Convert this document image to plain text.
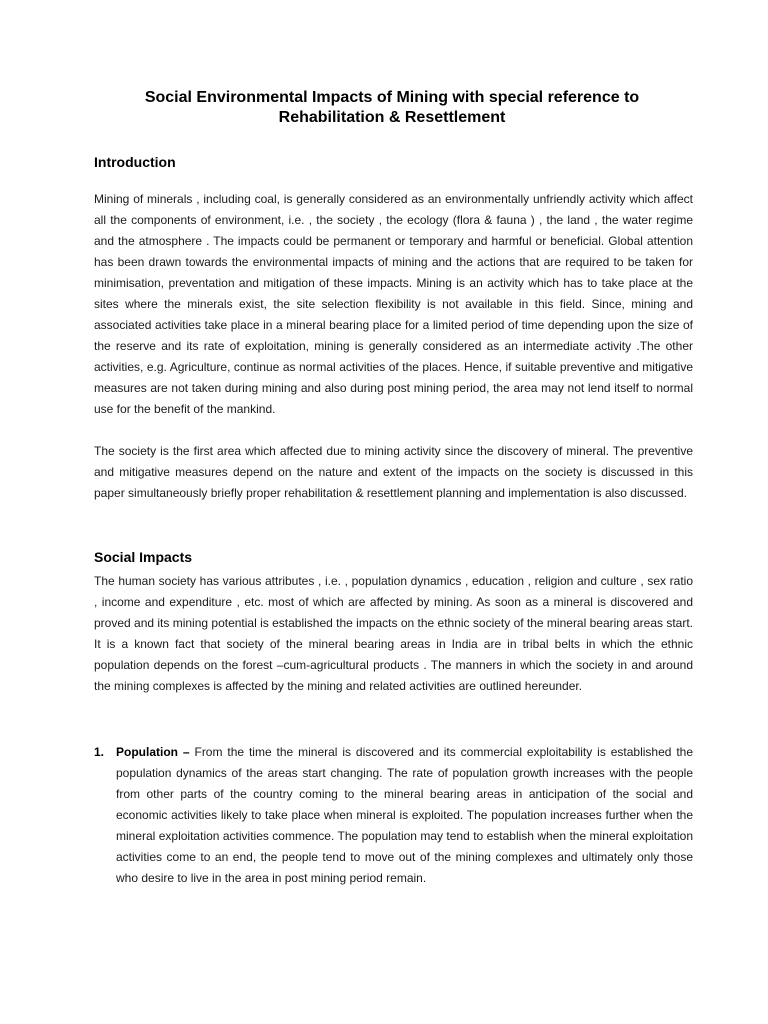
Social Environmental Impacts of Mining with special reference to
Rehabilitation & Resettlement
Introduction

Mining of minerals , including coal, is generally considered as an environmentally unfriendly activity which affect all the components of environment, i.e. , the society , the ecology (flora & fauna ) , the land , the water regime and the atmosphere . The impacts could be permanent or temporary and harmful or beneficial. Global attention has been drawn towards the environmental impacts of mining and the actions that are required to be taken for minimisation, preventation and mitigation of these impacts. Mining is an activity which has to take place at the sites where the minerals exist, the site selection flexibility is not available in this field. Since, mining and associated activities take place in a mineral bearing place for a limited period of time depending upon the size of the reserve and its rate of exploitation, mining is generally considered as an intermediate activity .The other activities, e.g. Agriculture, continue as normal activities of the places. Hence, if suitable preventive and mitigative measures are not taken during mining and also during post mining period, the area may not lend itself to normal use for the benefit of the mankind.

The society is the first area which affected due to mining activity since the discovery of mineral. The preventive and mitigative measures depend on the nature and extent of the impacts on the society is discussed in this paper simultaneously briefly proper rehabilitation & resettlement planning and implementation is also discussed.

Social Impacts

The human society has various attributes , i.e. , population dynamics , education , religion and culture , sex ratio , income and expenditure , etc. most of which are affected by mining. As soon as a mineral is discovered and proved and its mining potential is established the impacts on the ethnic society of the mineral bearing areas start. It is a known fact that society of the mineral bearing areas in India are in tribal belts in which the ethnic population depends on the forest –cum-agricultural products . The manners in which the society in and around the mining complexes is affected by the mining and related activities are outlined hereunder.

1. Population – From the time the mineral is discovered and its commercial exploitability is established the population dynamics of the areas start changing. The rate of population growth increases with the people from other parts of the country coming to the mineral bearing areas in anticipation of the social and economic activities likely to take place when mineral is exploited. The population increases further when the mineral exploitation activities commence. The population may tend to establish when the mineral exploitation activities come to an end, the people tend to move out of the mining complexes and ultimately only those who desire to live in the area in post mining period remain.
